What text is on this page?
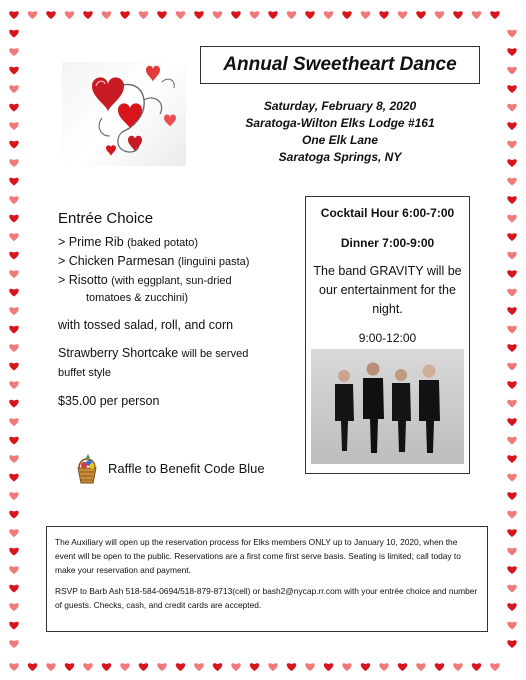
Annual Sweetheart Dance
Saturday, February 8, 2020
Saratoga-Wilton Elks Lodge #161
One Elk Lane
Saratoga Springs, NY
Entrée Choice
> Prime Rib (baked potato)
> Chicken Parmesan (linguini pasta)
> Risotto (with eggplant, sun-dried
tomatoes & zucchini)
with tossed salad, roll, and corn
Strawberry Shortcake will be served
buffet style
$35.00 per person
Raffle to Benefit Code Blue
Cocktail Hour 6:00-7:00
Dinner 7:00-9:00
The band GRAVITY will be our entertainment for the night.
9:00-12:00

The Auxiliary will open up the reservation process for Elks members ONLY up to January 10, 2020, when the event will be open to the public. Reservations are a first come first serve basis. Seating is limited; call today to make your reservation and payment.

RSVP to Barb Ash 518-584-0694/518-879-8713(cell) or bash2@nycap.rr.com with your entrée choice and number of guests. Checks, cash, and credit cards are accepted.
